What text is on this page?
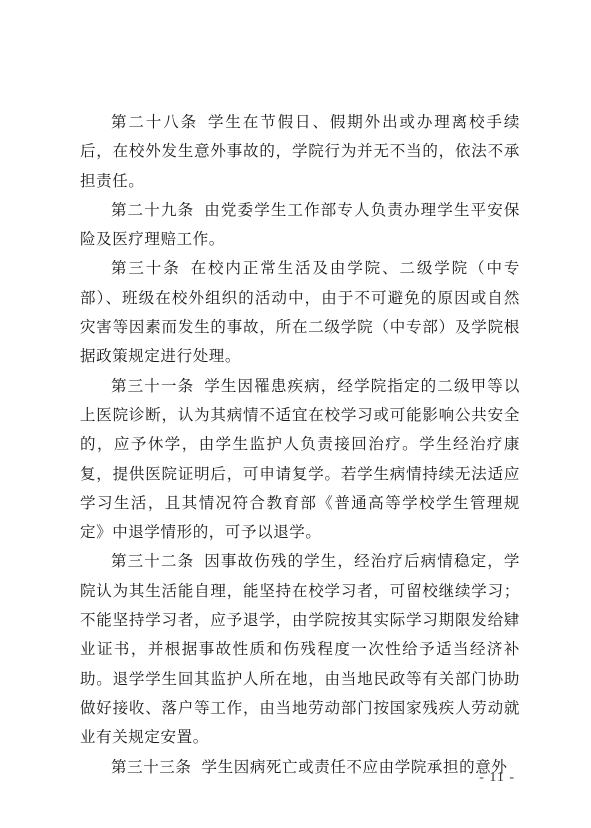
第二十八条 学生在节假日、假期外出或办理离校手续后，在校外发生意外事故的，学院行为并无不当的，依法不承担责任。

第二十九条 由党委学生工作部专人负责办理学生平安保险及医疗理赔工作。

第三十条 在校内正常生活及由学院、二级学院（中专部）、班级在校外组织的活动中，由于不可避免的原因或自然灾害等因素而发生的事故，所在二级学院（中专部）及学院根据政策规定进行处理。

第三十一条 学生因罹患疾病，经学院指定的二级甲等以上医院诊断，认为其病情不适宜在校学习或可能影响公共安全的，应予休学，由学生监护人负责接回治疗。学生经治疗康复，提供医院证明后，可申请复学。若学生病情持续无法适应学习生活，且其情况符合教育部《普通高等学校学生管理规定》中退学情形的，可予以退学。

第三十二条 因事故伤残的学生，经治疗后病情稳定，学院认为其生活能自理，能坚持在校学习者，可留校继续学习；不能坚持学习者，应予退学，由学院按其实际学习期限发给肄业证书，并根据事故性质和伤残程度一次性给予适当经济补助。退学学生回其监护人所在地，由当地民政等有关部门协助做好接收、落户等工作，由当地劳动部门按国家残疾人劳动就业有关规定安置。

第三十三条 学生因病死亡或责任不应由学院承担的意外

- 11 -
